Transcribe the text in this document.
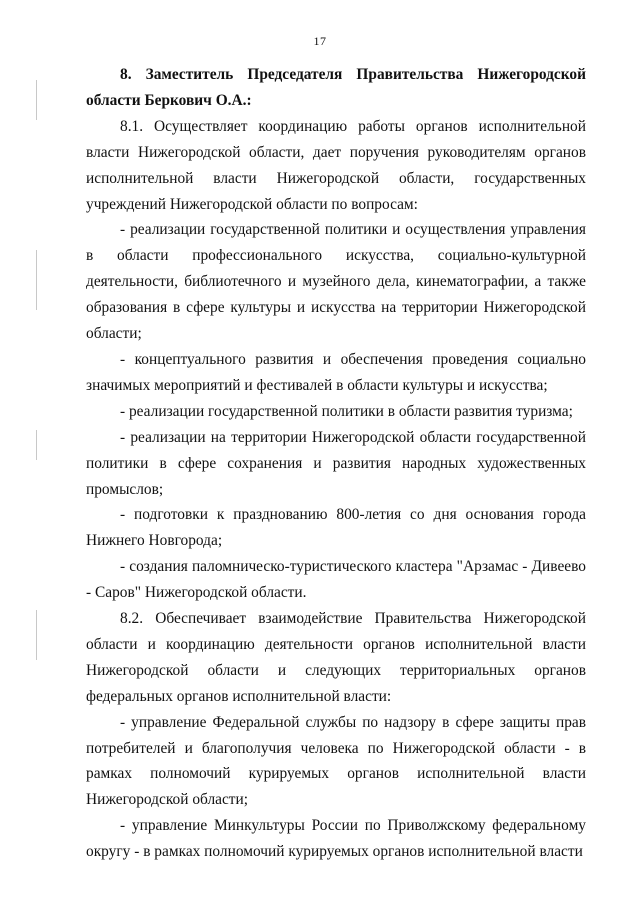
17

8. Заместитель Председателя Правительства Нижегородской области Беркович О.А.:

8.1. Осуществляет координацию работы органов исполнительной власти Нижегородской области, дает поручения руководителям органов исполнительной власти Нижегородской области, государственных учреждений Нижегородской области по вопросам:

- реализации государственной политики и осуществления управления в области профессионального искусства, социально-культурной деятельности, библиотечного и музейного дела, кинематографии, а также образования в сфере культуры и искусства на территории Нижегородской области;

- концептуального развития и обеспечения проведения социально значимых мероприятий и фестивалей в области культуры и искусства;

- реализации государственной политики в области развития туризма;

- реализации на территории Нижегородской области государственной политики в сфере сохранения и развития народных художественных промыслов;

- подготовки к празднованию 800-летия со дня основания города Нижнего Новгорода;

- создания паломническо-туристического кластера "Арзамас - Дивеево - Саров" Нижегородской области.

8.2. Обеспечивает взаимодействие Правительства Нижегородской области и координацию деятельности органов исполнительной власти Нижегородской области и следующих территориальных органов федеральных органов исполнительной власти:

- управление Федеральной службы по надзору в сфере защиты прав потребителей и благополучия человека по Нижегородской области - в рамках полномочий курируемых органов исполнительной власти Нижегородской области;

- управление Минкультуры России по Приволжскому федеральному округу - в рамках полномочий курируемых органов исполнительной власти
